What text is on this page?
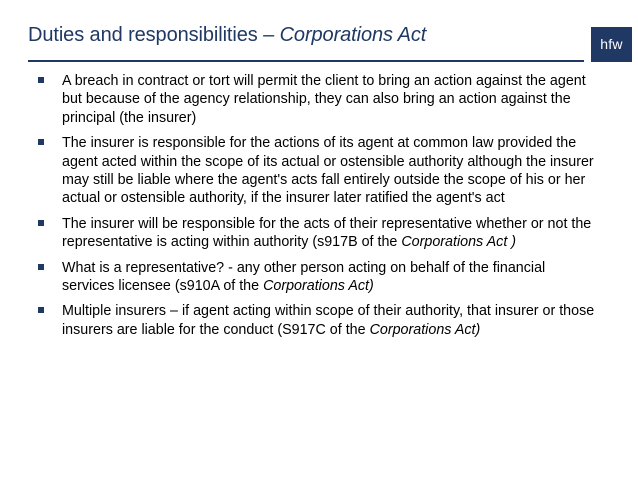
Duties and responsibilities – Corporations Act	hfw
A breach in contract or tort will permit the client to bring an action against the agent but because of the agency relationship, they can also bring an action against the principal (the insurer)
The insurer is responsible for the actions of its agent at common law provided the agent acted within the scope of its actual or ostensible authority although the insurer may still be liable where the agent's acts fall entirely outside the scope of his or her actual or ostensible authority, if the insurer later ratified the agent's act
The insurer will be responsible for the acts of their representative whether or not the representative is acting within authority (s917B of the Corporations Act )
What is a representative? - any other person acting on behalf of the financial services licensee (s910A of the Corporations Act)
Multiple insurers – if agent acting within scope of their authority, that insurer or those insurers are liable for the conduct (S917C of the Corporations Act)
